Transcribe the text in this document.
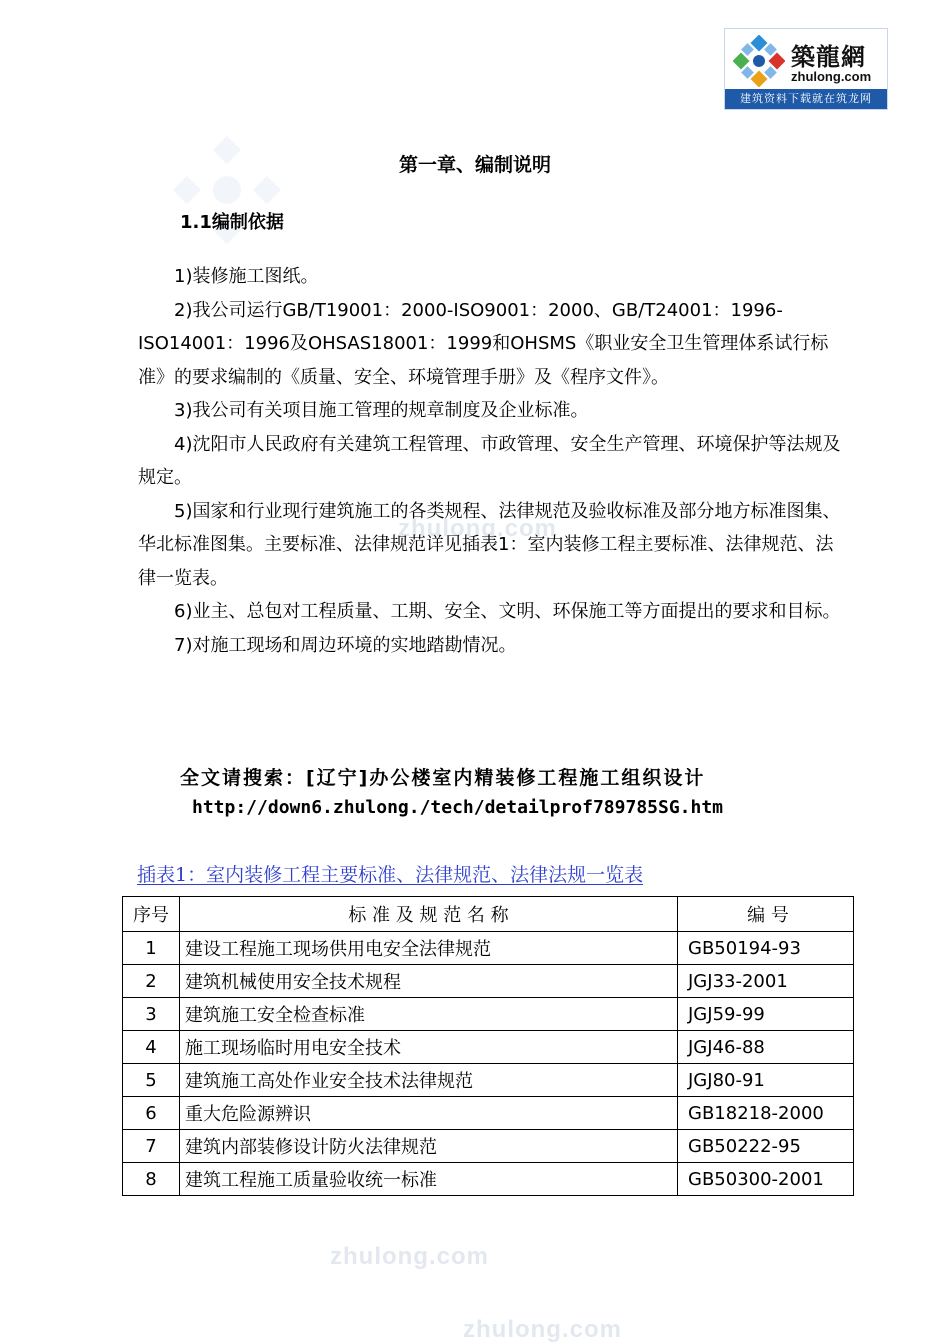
築龍網
zhulong.com
建筑资料下载就在筑龙网
zhulong.com
zhulong.com
zhulong.com
第一章、编制说明
1.1编制依据

1)装修施工图纸。

2)我公司运行GB/T19001：2000-ISO9001：2000、GB/T24001：1996-ISO14001：1996及OHSAS18001：1999和OHSMS《职业安全卫生管理体系试行标准》的要求编制的《质量、安全、环境管理手册》及《程序文件》。

3)我公司有关项目施工管理的规章制度及企业标准。

4)沈阳市人民政府有关建筑工程管理、市政管理、安全生产管理、环境保护等法规及规定。

5)国家和行业现行建筑施工的各类规程、法律规范及验收标准及部分地方标准图集、华北标准图集。主要标准、法律规范详见插表1：室内装修工程主要标准、法律规范、法律一览表。

6)业主、总包对工程质量、工期、安全、文明、环保施工等方面提出的要求和目标。

7)对施工现场和周边环境的实地踏勘情况。

全文请搜索：[辽宁]办公楼室内精装修工程施工组织设计
http://down6.zhulong./tech/detailprof789785SG.htm
插表1：室内装修工程主要标准、法律规范、法律法规一览表
序号	标 准 及 规 范 名 称	编 号
1	建设工程施工现场供用电安全法律规范	GB50194-93
2	建筑机械使用安全技术规程	JGJ33-2001
3	建筑施工安全检查标准	JGJ59-99
4	施工现场临时用电安全技术	JGJ46-88
5	建筑施工高处作业安全技术法律规范	JGJ80-91
6	重大危险源辨识	GB18218-2000
7	建筑内部装修设计防火法律规范	GB50222-95
8	建筑工程施工质量验收统一标准	GB50300-2001
